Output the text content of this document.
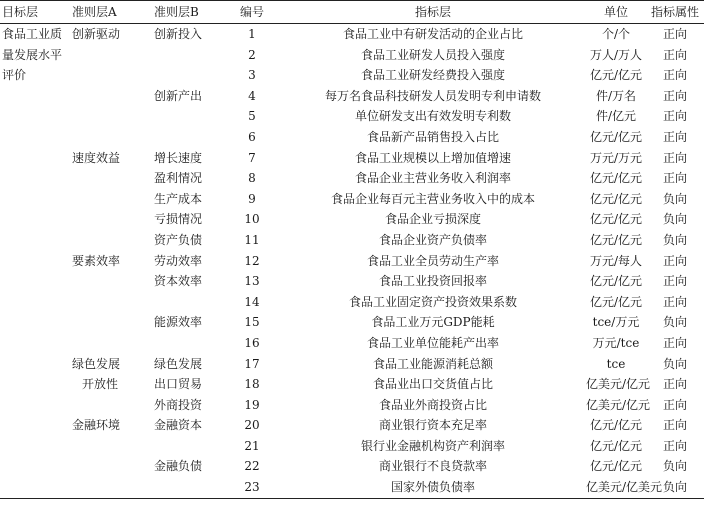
目标层	准则层A	准则层B	编号	指标层	单位	指标属性
食品工业质量发展水平评价	创新驱动	创新投入	1	食品工业中有研发活动的企业占比	个/个	正向
			2	食品工业研发人员投入强度	万人/万人	正向
			3	食品工业研发经费投入强度	亿元/亿元	正向
		创新产出	4	每万名食品科技研发人员发明专利申请数	件/万名	正向
			5	单位研发支出有效发明专利数	件/亿元	正向
			6	食品新产品销售投入占比	亿元/亿元	正向
	速度效益	增长速度	7	食品工业规模以上增加值增速	万元/万元	正向
		盈利情况	8	食品企业主营业务收入利润率	亿元/亿元	正向
		生产成本	9	食品企业每百元主营业务收入中的成本	亿元/亿元	负向
		亏损情况	10	食品企业亏损深度	亿元/亿元	负向
		资产负债	11	食品企业资产负债率	亿元/亿元	负向
	要素效率	劳动效率	12	食品工业全员劳动生产率	万元/每人	正向
		资本效率	13	食品工业投资回报率	亿元/亿元	正向
			14	食品工业固定资产投资效果系数	亿元/亿元	正向
		能源效率	15	食品工业万元GDP能耗	tce/万元	负向
			16	食品工业单位能耗产出率	万元/tce	正向
	绿色发展	绿色发展	17	食品工业能源消耗总额	tce	负向
	开放性	出口贸易	18	食品业出口交货值占比	亿美元/亿元	正向
		外商投资	19	食品业外商投资占比	亿美元/亿元	正向
	金融环境	金融资本	20	商业银行资本充足率	亿元/亿元	正向
			21	银行业金融机构资产利润率	亿元/亿元	正向
		金融负债	22	商业银行不良贷款率	亿元/亿元	负向
			23	国家外债负债率	亿美元/亿美元	负向
